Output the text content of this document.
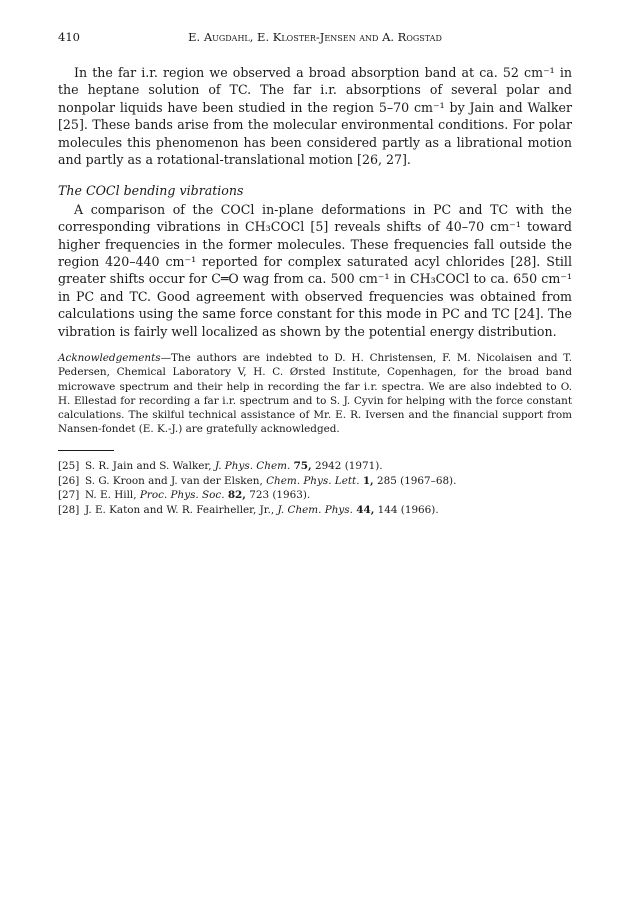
410	E. Augdahl, E. Kloster-Jensen and A. Rogstad

In the far i.r. region we observed a broad absorption band at ca. 52 cm⁻¹ in the heptane solution of TC. The far i.r. absorptions of several polar and nonpolar liquids have been studied in the region 5–70 cm⁻¹ by Jain and Walker [25]. These bands arise from the molecular environmental conditions. For polar molecules this phenomenon has been considered partly as a librational motion and partly as a rotational-translational motion [26, 27].

The COCl bending vibrations

A comparison of the COCl in-plane deformations in PC and TC with the corresponding vibrations in CH₃COCl [5] reveals shifts of 40–70 cm⁻¹ toward higher frequencies in the former molecules. These frequencies fall outside the region 420–440 cm⁻¹ reported for complex saturated acyl chlorides [28]. Still greater shifts occur for C═O wag from ca. 500 cm⁻¹ in CH₃COCl to ca. 650 cm⁻¹ in PC and TC. Good agreement with observed frequencies was obtained from calculations using the same force constant for this mode in PC and TC [24]. The vibration is fairly well localized as shown by the potential energy distribution.

Acknowledgements—The authors are indebted to D. H. Christensen, F. M. Nicolaisen and T. Pedersen, Chemical Laboratory V, H. C. Ørsted Institute, Copenhagen, for the broad band microwave spectrum and their help in recording the far i.r. spectra. We are also indebted to O. H. Ellestad for recording a far i.r. spectrum and to S. J. Cyvin for helping with the force constant calculations. The skilful technical assistance of Mr. E. R. Iversen and the financial support from Nansen-fondet (E. K.-J.) are gratefully acknowledged.
[25] S. R. Jain and S. Walker, J. Phys. Chem. 75, 2942 (1971).
[26] S. G. Kroon and J. van der Elsken, Chem. Phys. Lett. 1, 285 (1967–68).
[27] N. E. Hill, Proc. Phys. Soc. 82, 723 (1963).
[28] J. E. Katon and W. R. Feairheller, Jr., J. Chem. Phys. 44, 144 (1966).
